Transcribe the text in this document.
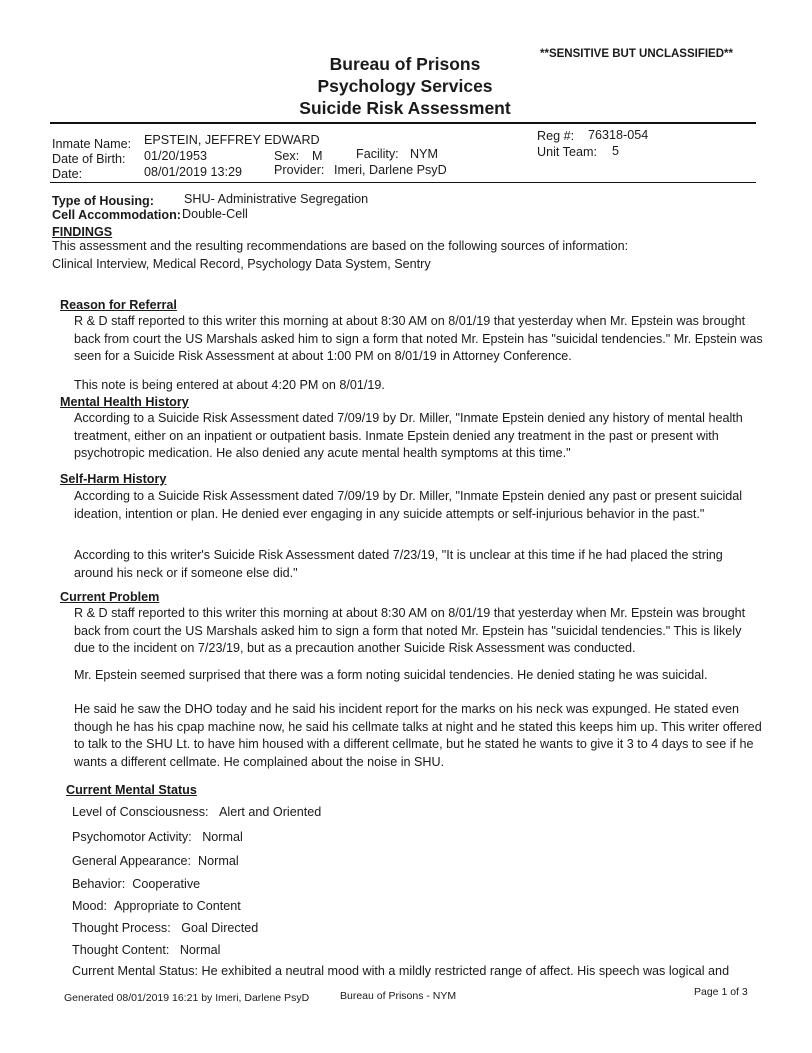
**SENSITIVE BUT UNCLASSIFIED**
Bureau of Prisons
Psychology Services
Suicide Risk Assessment
Inmate Name: EPSTEIN, JEFFREY EDWARD
Date of Birth: 01/20/1953	Sex: M	Facility: NYM
Date:	08/01/2019 13:29	Provider: Imeri, Darlene PsyD
Reg #: 76318-054
Unit Team: 5
Type of Housing: SHU- Administrative Segregation
Cell Accommodation: Double-Cell
FINDINGS
This assessment and the resulting recommendations are based on the following sources of information:
Clinical Interview, Medical Record, Psychology Data System, Sentry
Reason for Referral
R & D staff reported to this writer this morning at about 8:30 AM on 8/01/19 that yesterday when Mr. Epstein was brought back from court the US Marshals asked him to sign a form that noted Mr. Epstein has "suicidal tendencies." Mr. Epstein was seen for a Suicide Risk Assessment at about 1:00 PM on 8/01/19 in Attorney Conference.
This note is being entered at about 4:20 PM on 8/01/19.
Mental Health History
According to a Suicide Risk Assessment dated 7/09/19 by Dr. Miller, "Inmate Epstein denied any history of mental health treatment, either on an inpatient or outpatient basis. Inmate Epstein denied any treatment in the past or present with psychotropic medication. He also denied any acute mental health symptoms at this time."
Self-Harm History
According to a Suicide Risk Assessment dated 7/09/19 by Dr. Miller, "Inmate Epstein denied any past or present suicidal ideation, intention or plan. He denied ever engaging in any suicide attempts or self-injurious behavior in the past."
According to this writer's Suicide Risk Assessment dated 7/23/19, "It is unclear at this time if he had placed the string around his neck or if someone else did."
Current Problem
R & D staff reported to this writer this morning at about 8:30 AM on 8/01/19 that yesterday when Mr. Epstein was brought back from court the US Marshals asked him to sign a form that noted Mr. Epstein has "suicidal tendencies." This is likely due to the incident on 7/23/19, but as a precaution another Suicide Risk Assessment was conducted.
Mr. Epstein seemed surprised that there was a form noting suicidal tendencies. He denied stating he was suicidal.
He said he saw the DHO today and he said his incident report for the marks on his neck was expunged. He stated even though he has his cpap machine now, he said his cellmate talks at night and he stated this keeps him up. This writer offered to talk to the SHU Lt. to have him housed with a different cellmate, but he stated he wants to give it 3 to 4 days to see if he wants a different cellmate. He complained about the noise in SHU.
Current Mental Status
Level of Consciousness: Alert and Oriented
Psychomotor Activity: Normal
General Appearance: Normal
Behavior: Cooperative
Mood: Appropriate to Content
Thought Process: Goal Directed
Thought Content: Normal
Current Mental Status: He exhibited a neutral mood with a mildly restricted range of affect. His speech was logical and
Generated 08/01/2019 16:21 by Imeri, Darlene PsyD	Bureau of Prisons - NYM	Page 1 of 3
